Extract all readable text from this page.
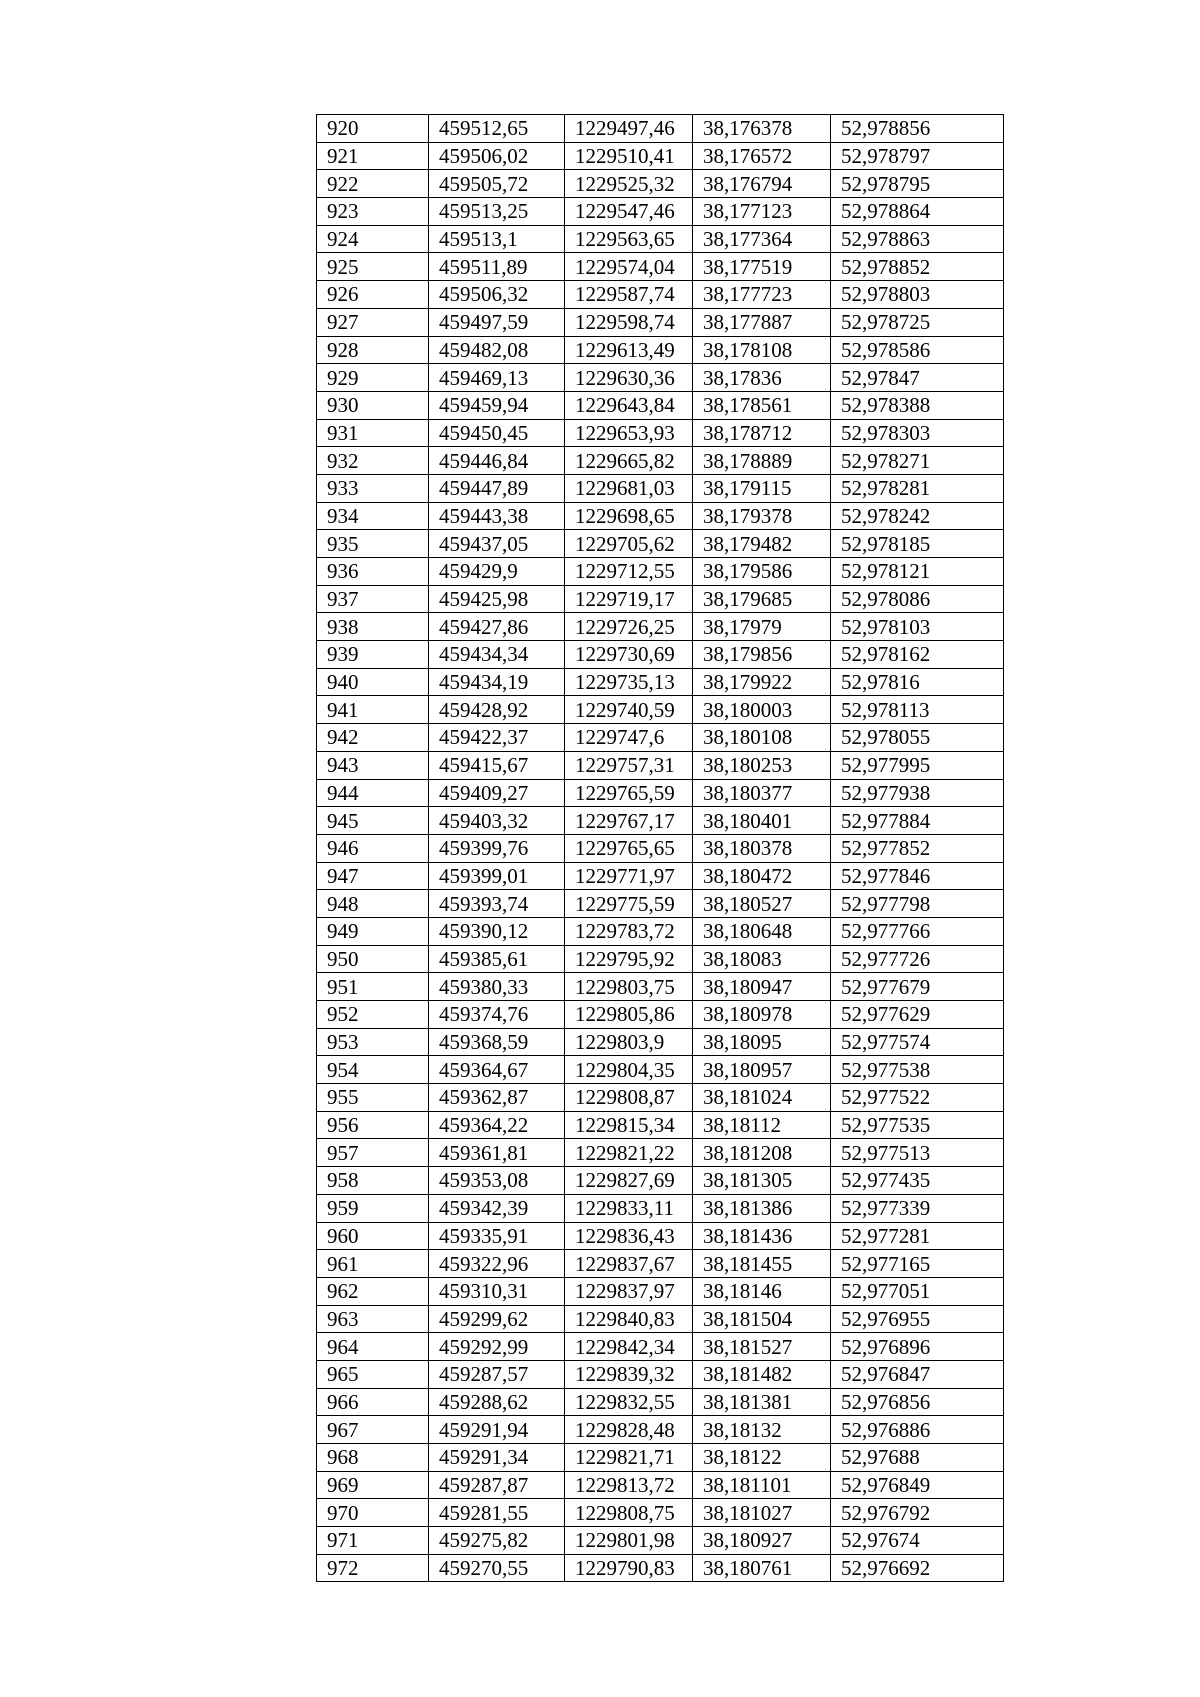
920	459512,65	1229497,46	38,176378	52,978856
921	459506,02	1229510,41	38,176572	52,978797
922	459505,72	1229525,32	38,176794	52,978795
923	459513,25	1229547,46	38,177123	52,978864
924	459513,1	1229563,65	38,177364	52,978863
925	459511,89	1229574,04	38,177519	52,978852
926	459506,32	1229587,74	38,177723	52,978803
927	459497,59	1229598,74	38,177887	52,978725
928	459482,08	1229613,49	38,178108	52,978586
929	459469,13	1229630,36	38,17836	52,97847
930	459459,94	1229643,84	38,178561	52,978388
931	459450,45	1229653,93	38,178712	52,978303
932	459446,84	1229665,82	38,178889	52,978271
933	459447,89	1229681,03	38,179115	52,978281
934	459443,38	1229698,65	38,179378	52,978242
935	459437,05	1229705,62	38,179482	52,978185
936	459429,9	1229712,55	38,179586	52,978121
937	459425,98	1229719,17	38,179685	52,978086
938	459427,86	1229726,25	38,17979	52,978103
939	459434,34	1229730,69	38,179856	52,978162
940	459434,19	1229735,13	38,179922	52,97816
941	459428,92	1229740,59	38,180003	52,978113
942	459422,37	1229747,6	38,180108	52,978055
943	459415,67	1229757,31	38,180253	52,977995
944	459409,27	1229765,59	38,180377	52,977938
945	459403,32	1229767,17	38,180401	52,977884
946	459399,76	1229765,65	38,180378	52,977852
947	459399,01	1229771,97	38,180472	52,977846
948	459393,74	1229775,59	38,180527	52,977798
949	459390,12	1229783,72	38,180648	52,977766
950	459385,61	1229795,92	38,18083	52,977726
951	459380,33	1229803,75	38,180947	52,977679
952	459374,76	1229805,86	38,180978	52,977629
953	459368,59	1229803,9	38,18095	52,977574
954	459364,67	1229804,35	38,180957	52,977538
955	459362,87	1229808,87	38,181024	52,977522
956	459364,22	1229815,34	38,18112	52,977535
957	459361,81	1229821,22	38,181208	52,977513
958	459353,08	1229827,69	38,181305	52,977435
959	459342,39	1229833,11	38,181386	52,977339
960	459335,91	1229836,43	38,181436	52,977281
961	459322,96	1229837,67	38,181455	52,977165
962	459310,31	1229837,97	38,18146	52,977051
963	459299,62	1229840,83	38,181504	52,976955
964	459292,99	1229842,34	38,181527	52,976896
965	459287,57	1229839,32	38,181482	52,976847
966	459288,62	1229832,55	38,181381	52,976856
967	459291,94	1229828,48	38,18132	52,976886
968	459291,34	1229821,71	38,18122	52,97688
969	459287,87	1229813,72	38,181101	52,976849
970	459281,55	1229808,75	38,181027	52,976792
971	459275,82	1229801,98	38,180927	52,97674
972	459270,55	1229790,83	38,180761	52,976692
